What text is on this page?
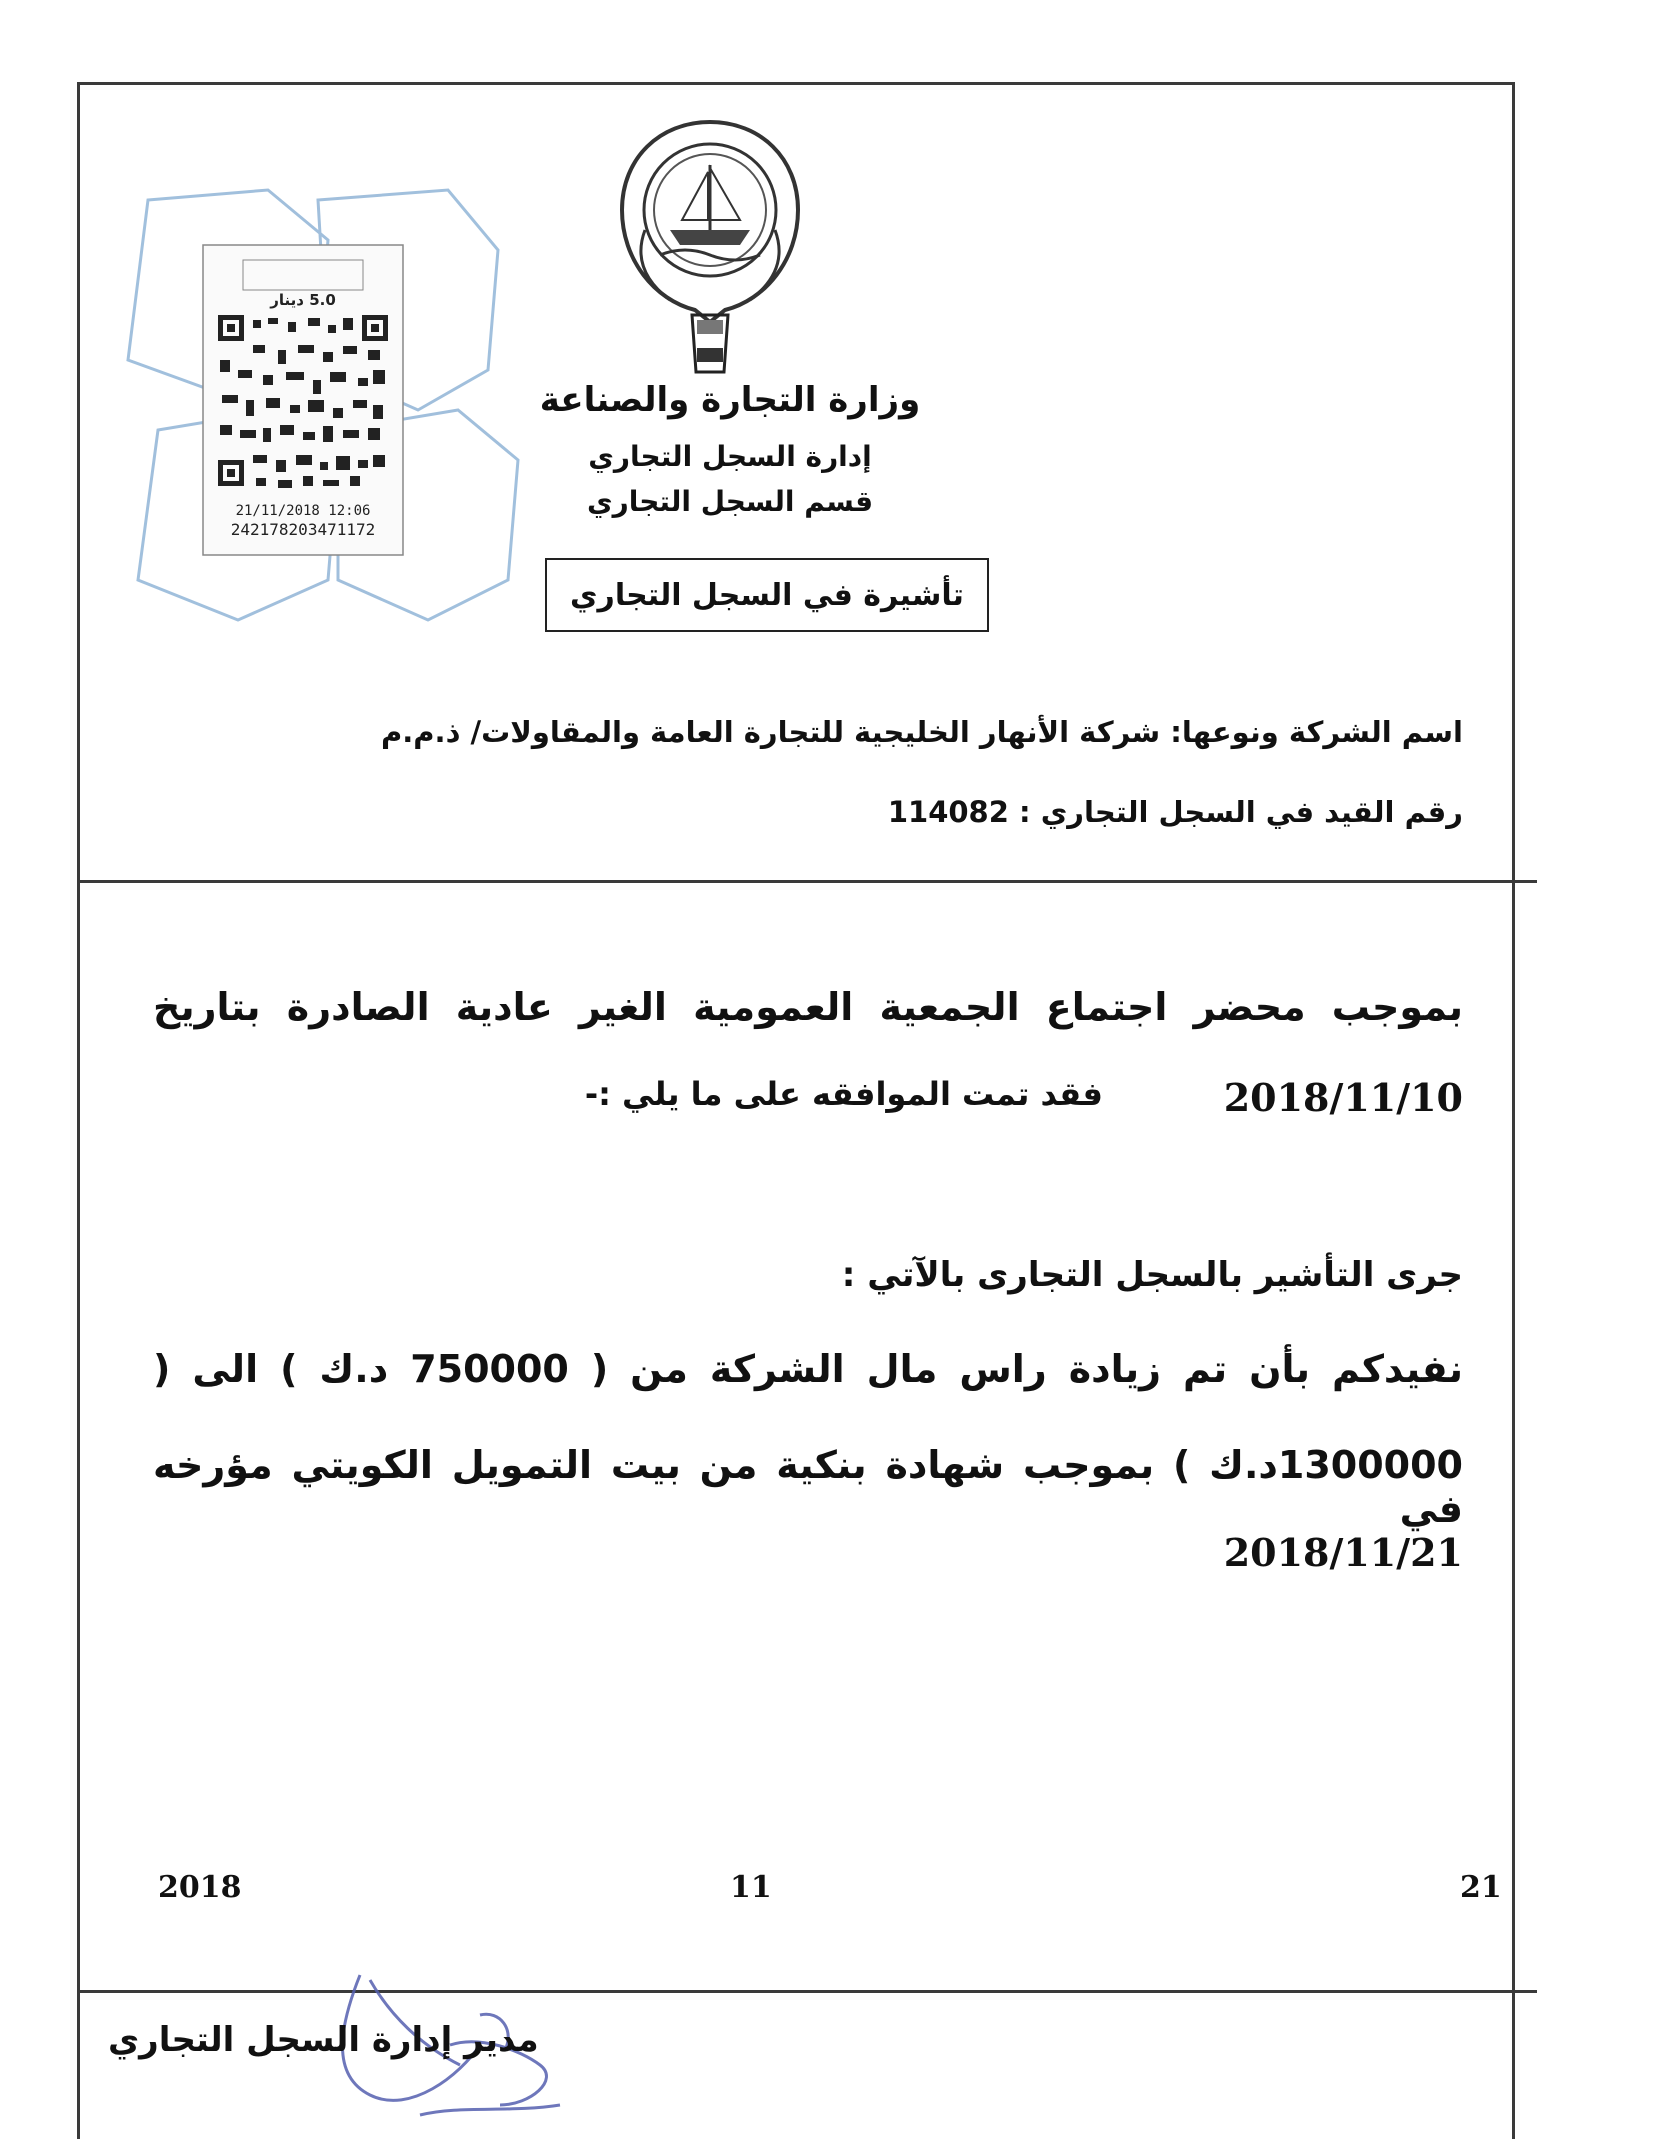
وزارة التجارة والصناعة
إدارة السجل التجاري
قسم السجل التجاري
تأشيرة في السجل التجاري
5.0 دينار
21/11/2018 12:06
242178203471172
اسم الشركة ونوعها: شركة الأنهار الخليجية للتجارة العامة والمقاولات/ ذ.م.م
رقم القيد في السجل التجاري : 114082
بموجب محضر اجتماع الجمعية العمومية الغير عادية الصادرة بتاريخ
2018/11/10
فقد تمت الموافقه على ما يلي :-
جرى التأشير بالسجل التجارى بالآتي :
نفيدكم بأن تم زيادة راس مال الشركة من ( 750000 د.ك ) الى (
1300000د.ك ) بموجب شهادة بنكية من بيت التمويل الكويتي مؤرخه في
2018/11/21
2018	11	21
مدير إدارة السجل التجاري
